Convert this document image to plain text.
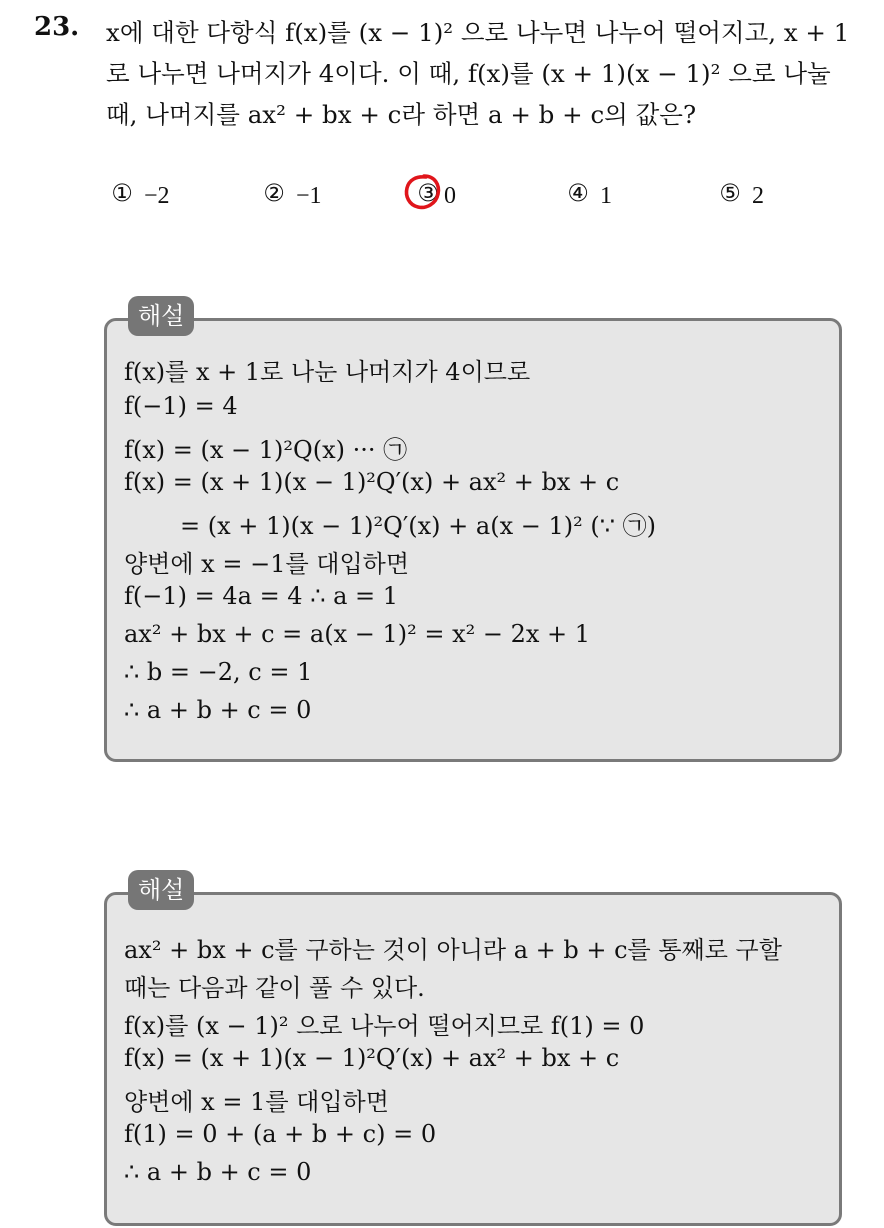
23. x에 대한 다항식 f(x)를 (x − 1)² 으로 나누면 나누어 떨어지고, x + 1
로 나누면 나머지가 4이다. 이 때, f(x)를 (x + 1)(x − 1)² 으로 나눌
때, 나머지를 ax² + bx + c라 하면 a + b + c의 값은?
① −2	② −1	③ 0	④ 1	⑤ 2
해설
f(x)를 x + 1로 나눈 나머지가 4이므로
f(−1) = 4
f(x) = (x − 1)²Q(x) ··· ㉠
f(x) = (x + 1)(x − 1)²Q′(x) + ax² + bx + c
= (x + 1)(x − 1)²Q′(x) + a(x − 1)² (∵ ㉠)
양변에 x = −1를 대입하면
f(−1) = 4a = 4 ∴ a = 1
ax² + bx + c = a(x − 1)² = x² − 2x + 1
∴ b = −2, c = 1
∴ a + b + c = 0
해설
ax² + bx + c를 구하는 것이 아니라 a + b + c를 통째로 구할
때는 다음과 같이 풀 수 있다.
f(x)를 (x − 1)² 으로 나누어 떨어지므로 f(1) = 0
f(x) = (x + 1)(x − 1)²Q′(x) + ax² + bx + c
양변에 x = 1를 대입하면
f(1) = 0 + (a + b + c) = 0
∴ a + b + c = 0
